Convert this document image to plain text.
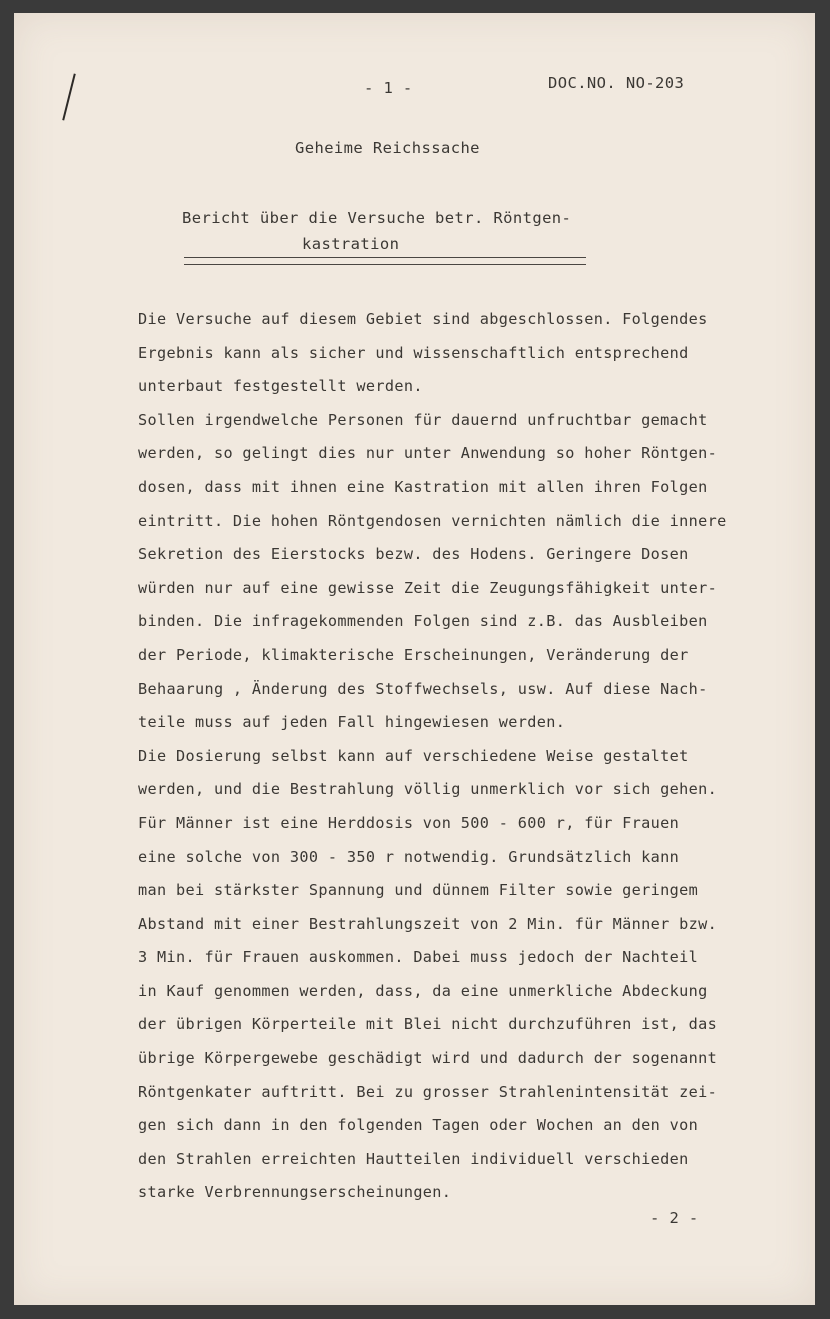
- 1 -	DOC.NO. NO-203
Geheime Reichssache
Bericht über die Versuche betr. Röntgen-
kastration
Die Versuche auf diesem Gebiet sind abgeschlossen. Folgendes
Ergebnis kann als sicher und wissenschaftlich entsprechend
unterbaut festgestellt werden.
Sollen irgendwelche Personen für dauernd unfruchtbar gemacht
werden, so gelingt dies nur unter Anwendung so hoher Röntgen-
dosen, dass mit ihnen eine Kastration mit allen ihren Folgen
eintritt. Die hohen Röntgendosen vernichten nämlich die innere
Sekretion des Eierstocks bezw. des Hodens. Geringere Dosen
würden nur auf eine gewisse Zeit die Zeugungsfähigkeit unter-
binden. Die infragekommenden Folgen sind z.B. das Ausbleiben
der Periode, klimakterische Erscheinungen, Veränderung der
Behaarung , Änderung des Stoffwechsels, usw. Auf diese Nach-
teile muss auf jeden Fall hingewiesen werden.
Die Dosierung selbst kann auf verschiedene Weise gestaltet
werden, und die Bestrahlung völlig unmerklich vor sich gehen.
Für Männer ist eine Herddosis von 500 - 600 r, für Frauen
eine solche von 300 - 350 r notwendig. Grundsätzlich kann
man bei stärkster Spannung und dünnem Filter sowie geringem
Abstand mit einer Bestrahlungszeit von 2 Min. für Männer bzw.
3 Min. für Frauen auskommen. Dabei muss jedoch der Nachteil
in Kauf genommen werden, dass, da eine unmerkliche Abdeckung
der übrigen Körperteile mit Blei nicht durchzuführen ist, das
übrige Körpergewebe geschädigt wird und dadurch der sogenannt
Röntgenkater auftritt. Bei zu grosser Strahlenintensität zei-
gen sich dann in den folgenden Tagen oder Wochen an den von
den Strahlen erreichten Hautteilen individuell verschieden
starke Verbrennungserscheinungen.
- 2 -
